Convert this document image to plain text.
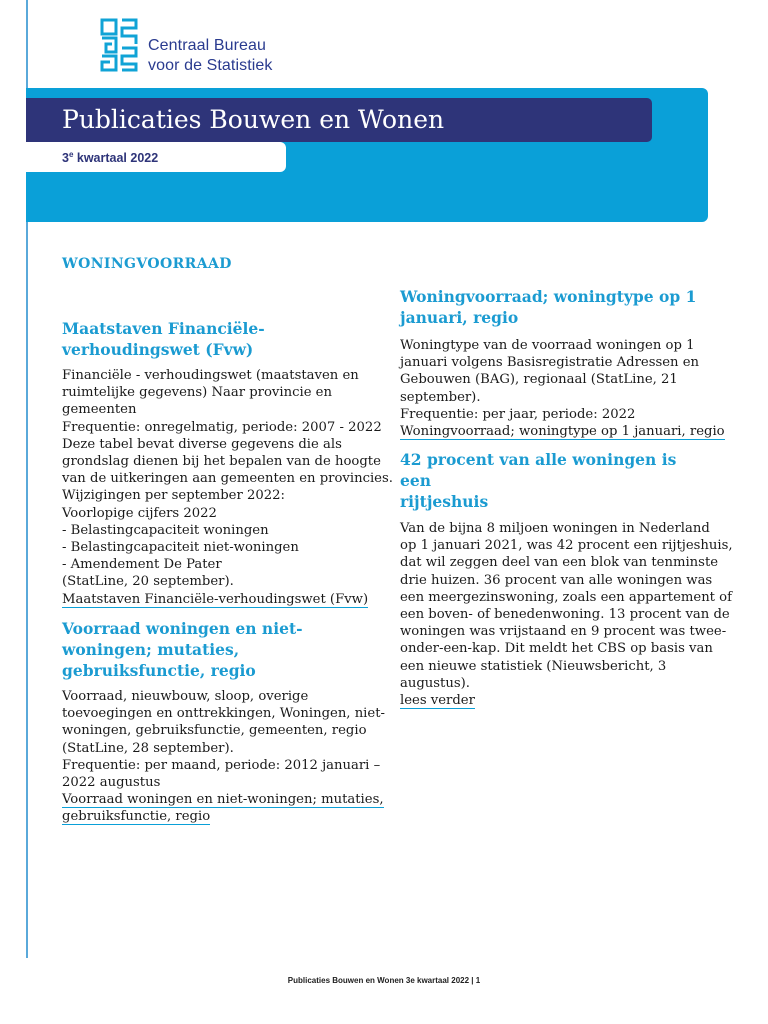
Centraal Bureau
voor de Statistiek
Publicaties Bouwen en Wonen
3e kwartaal 2022
WONINGVOORRAAD
Maatstaven Financiële-
verhoudingswet (Fvw)
Financiële - verhoudingswet (maatstaven en
ruimtelijke gegevens) Naar provincie en
gemeenten
Frequentie: onregelmatig, periode: 2007 - 2022
Deze tabel bevat diverse gegevens die als
grondslag dienen bij het bepalen van de hoogte
van de uitkeringen aan gemeenten en provincies.
Wijzigingen per september 2022:
Voorlopige cijfers 2022
- Belastingcapaciteit woningen
- Belastingcapaciteit niet-woningen
- Amendement De Pater
(StatLine, 20 september).
Maatstaven Financiële-verhoudingswet (Fvw)
Voorraad woningen en niet-
woningen; mutaties,
gebruiksfunctie, regio
Voorraad, nieuwbouw, sloop, overige
toevoegingen en onttrekkingen, Woningen, niet-
woningen, gebruiksfunctie, gemeenten, regio
(StatLine, 28 september).
Frequentie: per maand, periode: 2012 januari –
2022 augustus
Voorraad woningen en niet-woningen; mutaties,
gebruiksfunctie, regio
Woningvoorraad; woningtype op 1
januari, regio
Woningtype van de voorraad woningen op 1
januari volgens Basisregistratie Adressen en
Gebouwen (BAG), regionaal (StatLine, 21
september).
Frequentie: per jaar, periode: 2022
Woningvoorraad; woningtype op 1 januari, regio
42 procent van alle woningen is een
rijtjeshuis
Van de bijna 8 miljoen woningen in Nederland
op 1 januari 2021, was 42 procent een rijtjeshuis,
dat wil zeggen deel van een blok van tenminste
drie huizen. 36 procent van alle woningen was
een meergezinswoning, zoals een appartement of
een boven- of benedenwoning. 13 procent van de
woningen was vrijstaand en 9 procent was twee-
onder-een-kap. Dit meldt het CBS op basis van
een nieuwe statistiek (Nieuwsbericht, 3
augustus).
lees verder
Publicaties Bouwen en Wonen 3e kwartaal 2022 | 1
